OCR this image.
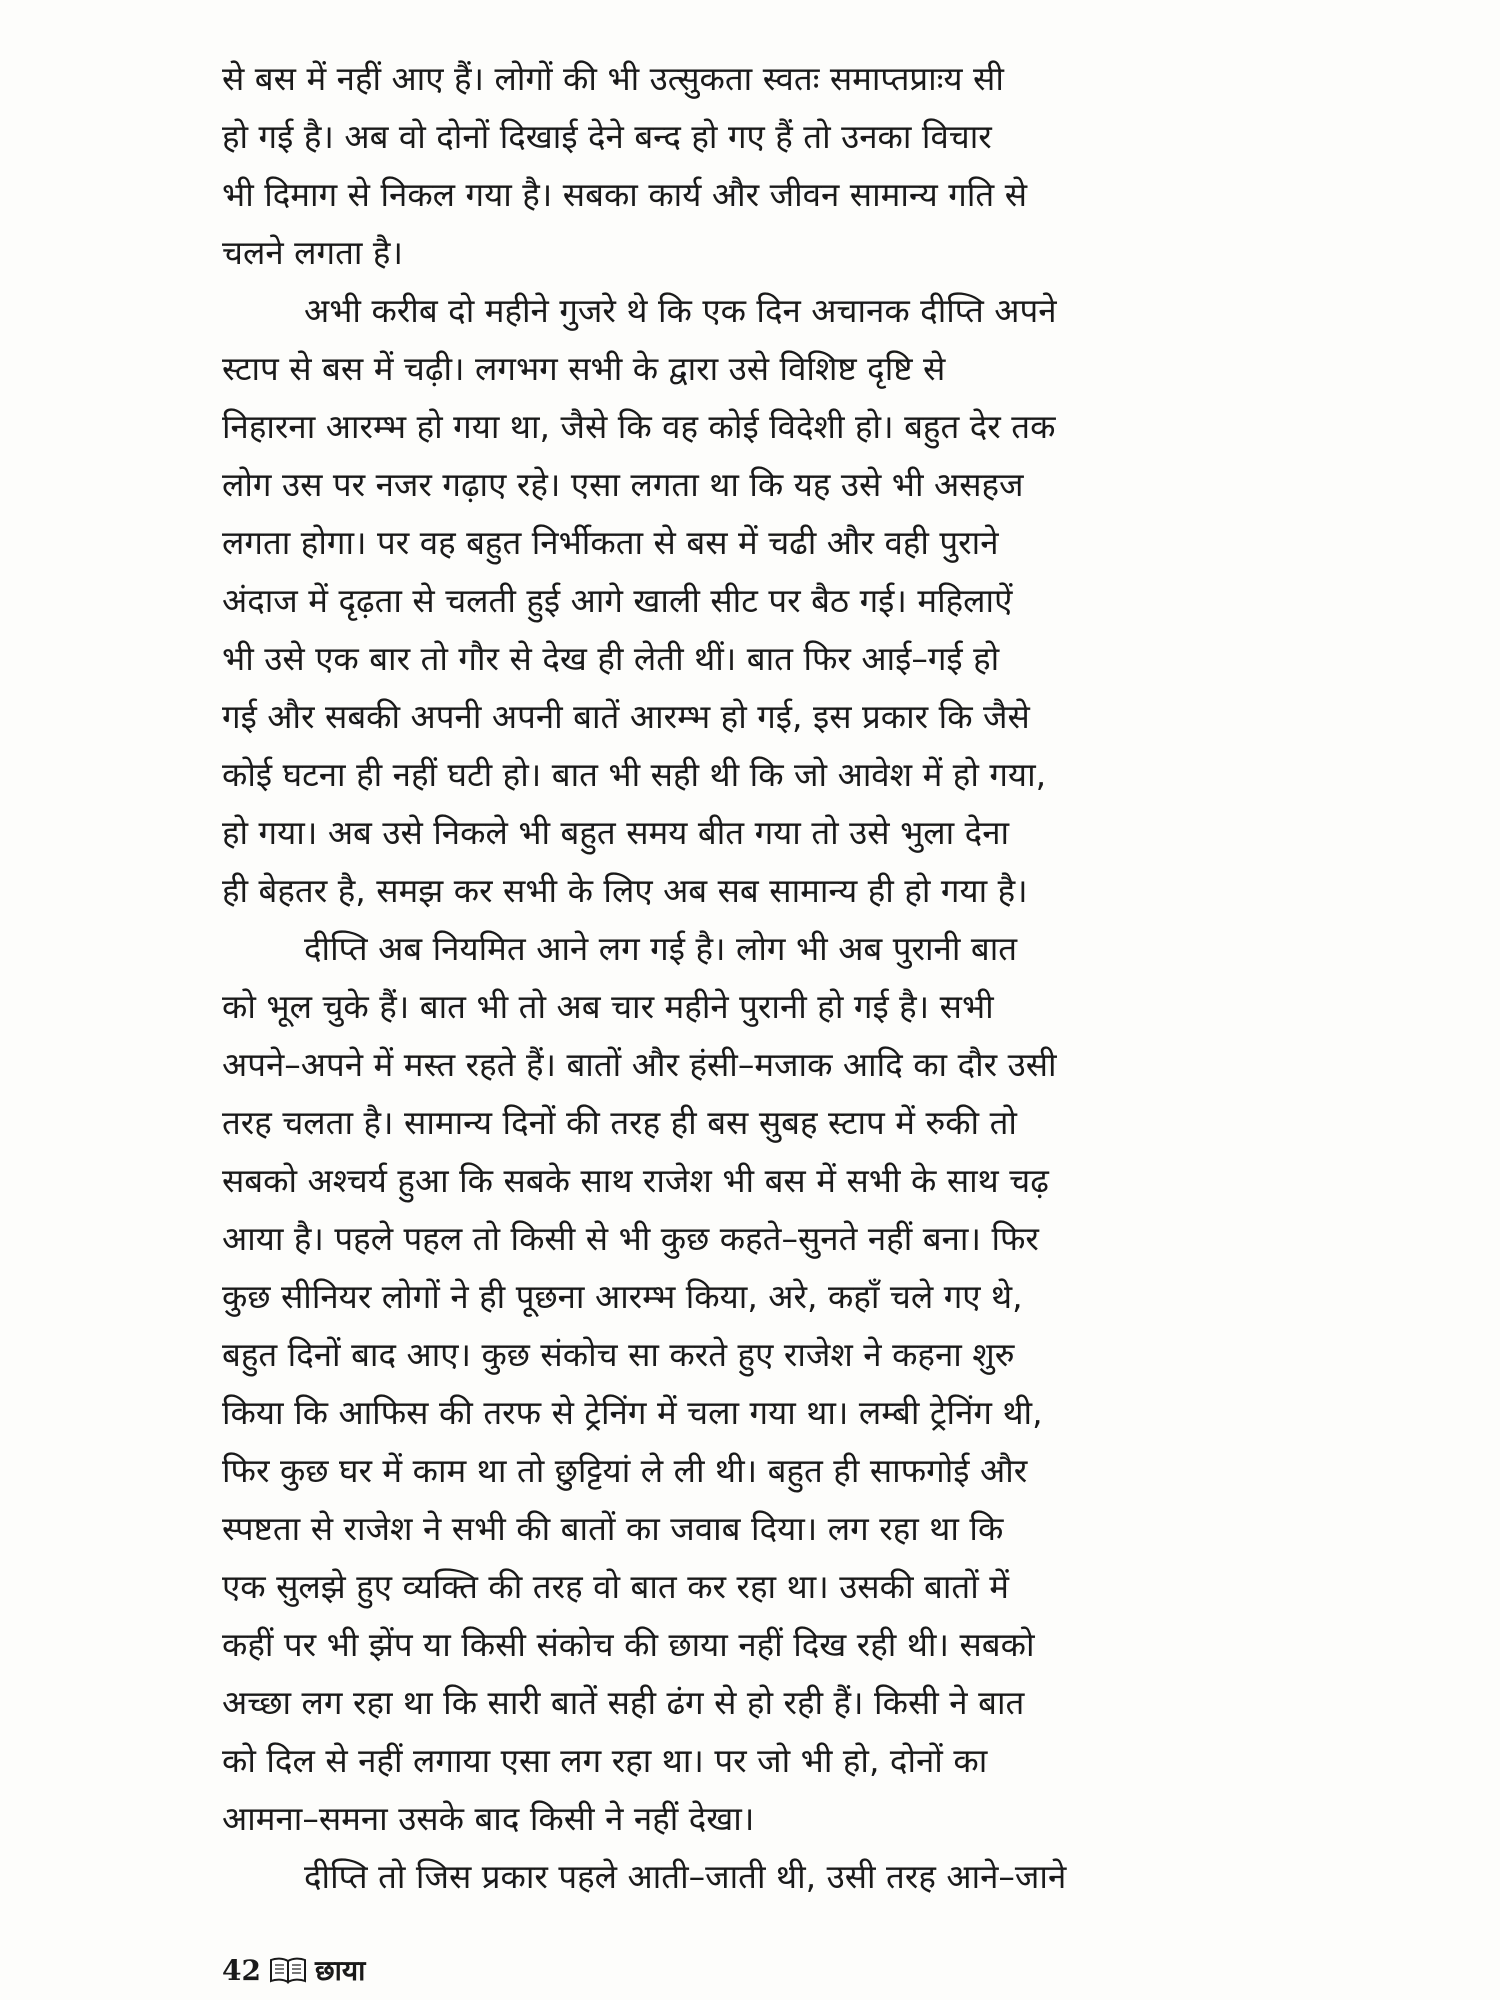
से बस में नहीं आए हैं। लोगों की भी उत्सुकता स्वतः समाप्तप्राःय सी
हो गई है। अब वो दोनों दिखाई देने बन्द हो गए हैं तो उनका विचार
भी दिमाग से निकल गया है। सबका कार्य और जीवन सामान्य गति से
चलने लगता है।
अभी करीब दो महीने गुजरे थे कि एक दिन अचानक दीप्ति अपने
स्टाप से बस में चढ़ी। लगभग सभी के द्वारा उसे विशिष्ट दृष्टि से
निहारना आरम्भ हो गया था, जैसे कि वह कोई विदेशी हो। बहुत देर तक
लोग उस पर नजर गढ़ाए रहे। एसा लगता था कि यह उसे भी असहज
लगता होगा। पर वह बहुत निर्भीकता से बस में चढी और वही पुराने
अंदाज में दृढ़ता से चलती हुई आगे खाली सीट पर बैठ गई। महिलाऐं
भी उसे एक बार तो गौर से देख ही लेती थीं। बात फिर आई–गई हो
गई और सबकी अपनी अपनी बातें आरम्भ हो गई, इस प्रकार कि जैसे
कोई घटना ही नहीं घटी हो। बात भी सही थी कि जो आवेश में हो गया,
हो गया। अब उसे निकले भी बहुत समय बीत गया तो उसे भुला देना
ही बेहतर है, समझ कर सभी के लिए अब सब सामान्य ही हो गया है।
दीप्ति अब नियमित आने लग गई है। लोग भी अब पुरानी बात
को भूल चुके हैं। बात भी तो अब चार महीने पुरानी हो गई है। सभी
अपने–अपने में मस्त रहते हैं। बातों और हंसी–मजाक आदि का दौर उसी
तरह चलता है। सामान्य दिनों की तरह ही बस सुबह स्टाप में रुकी तो
सबको अश्चर्य हुआ कि सबके साथ राजेश भी बस में सभी के साथ चढ़
आया है। पहले पहल तो किसी से भी कुछ कहते–सुनते नहीं बना। फिर
कुछ सीनियर लोगों ने ही पूछना आरम्भ किया, अरे, कहाँ चले गए थे,
बहुत दिनों बाद आए। कुछ संकोच सा करते हुए राजेश ने कहना शुरु
किया कि आफिस की तरफ से ट्रेनिंग में चला गया था। लम्बी ट्रेनिंग थी,
फिर कुछ घर में काम था तो छुट्टियां ले ली थी। बहुत ही साफगोई और
स्पष्टता से राजेश ने सभी की बातों का जवाब दिया। लग रहा था कि
एक सुलझे हुए व्यक्ति की तरह वो बात कर रहा था। उसकी बातों में
कहीं पर भी झेंप या किसी संकोच की छाया नहीं दिख रही थी। सबको
अच्छा लग रहा था कि सारी बातें सही ढंग से हो रही हैं। किसी ने बात
को दिल से नहीं लगाया एसा लग रहा था। पर जो भी हो, दोनों का
आमना–समना उसके बाद किसी ने नहीं देखा।
दीप्ति तो जिस प्रकार पहले आती–जाती थी, उसी तरह आने–जाने
42 छाया
